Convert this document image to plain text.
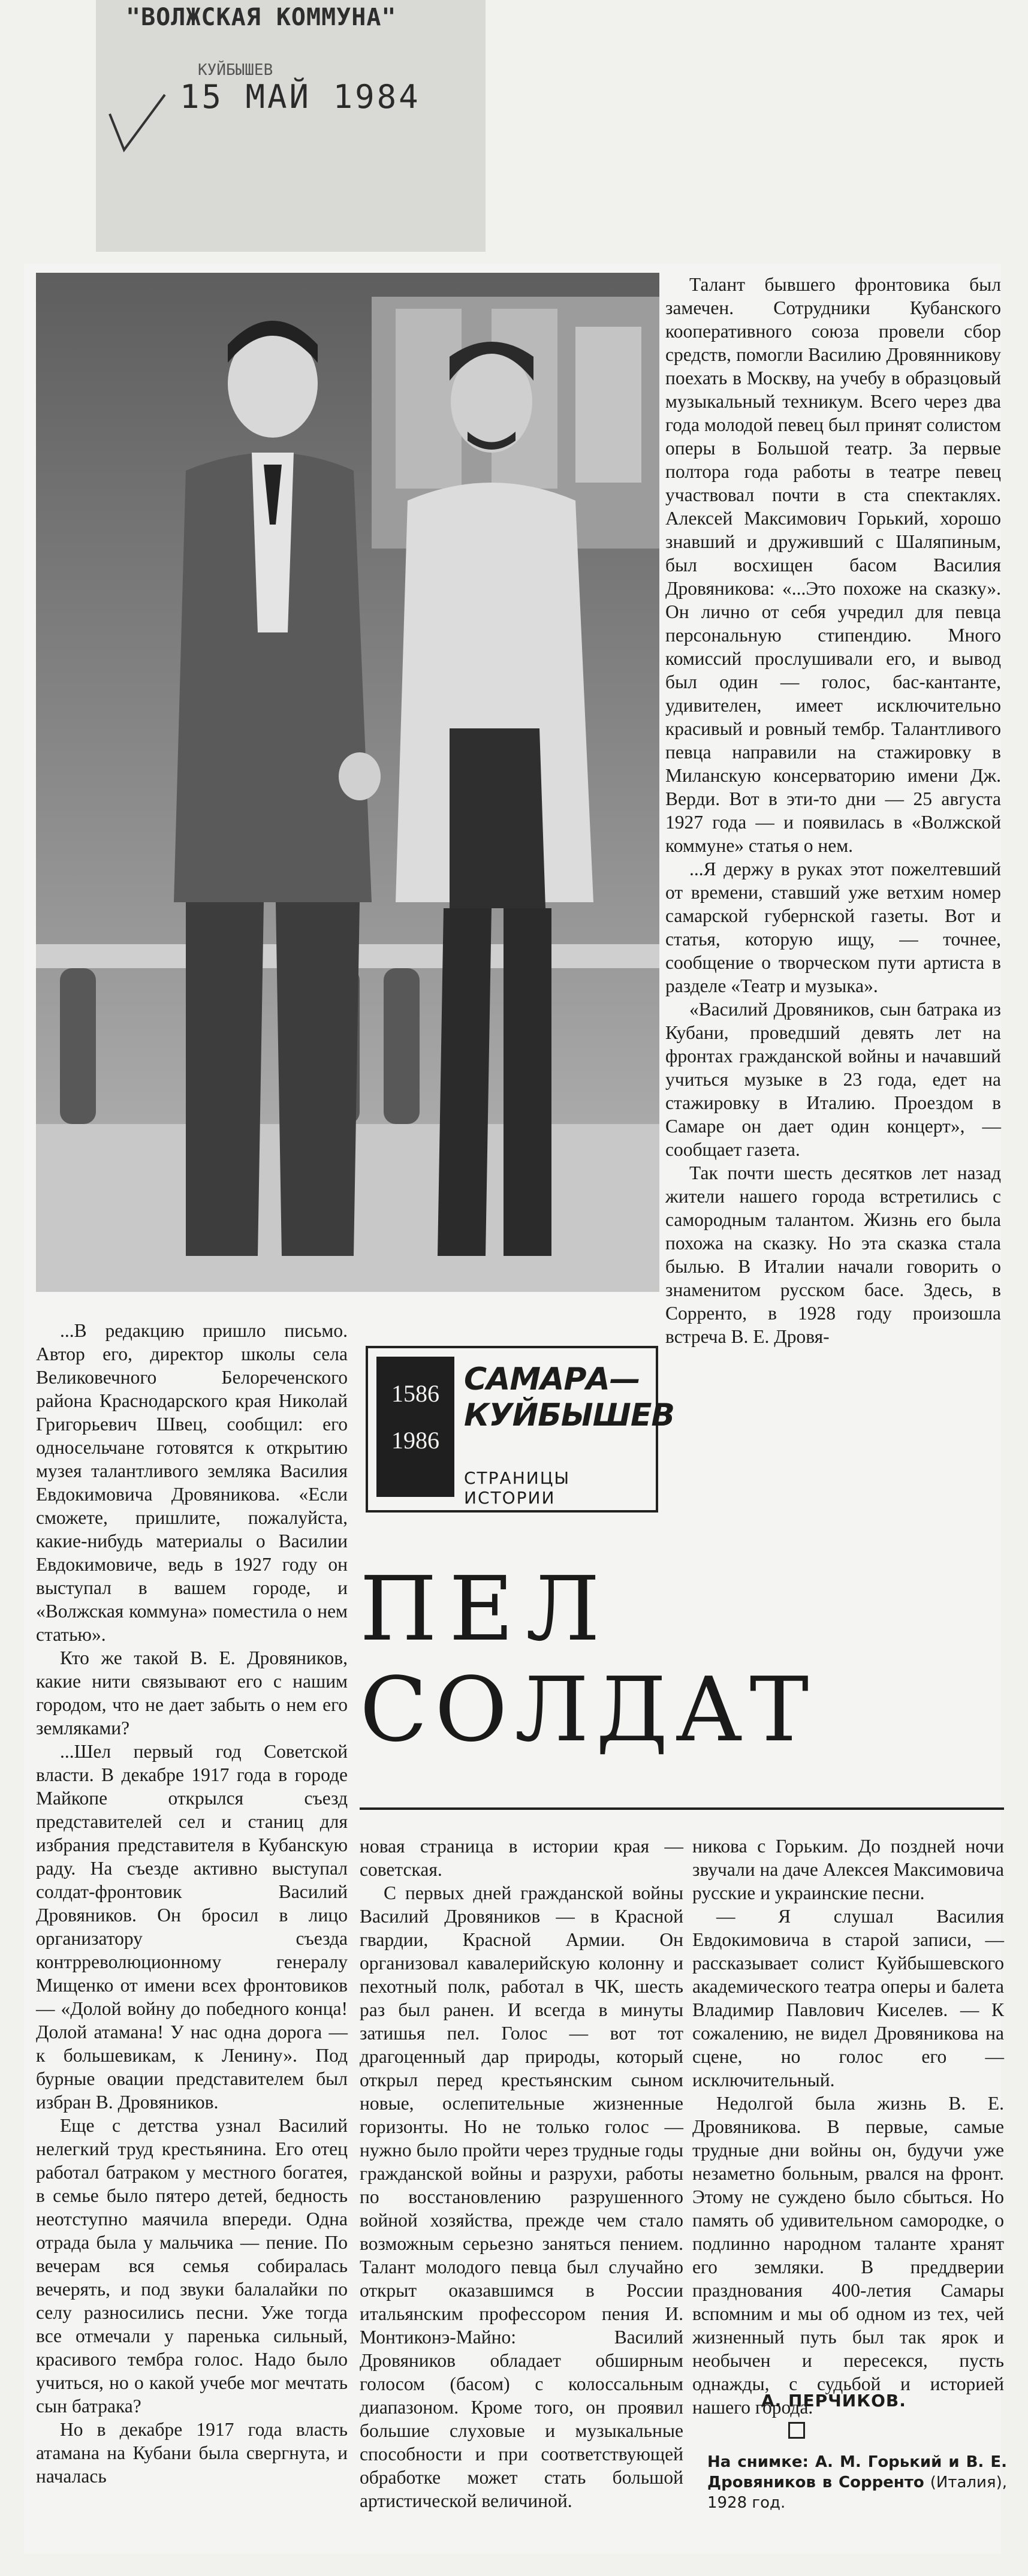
"ВОЛЖСКАЯ КОММУНА"
КУЙБЫШЕВ
15 МАЙ 1984

Талант бывшего фронтовика был замечен. Сотрудники Кубанского кооперативного союза провели сбор средств, помогли Василию Дровянникову поехать в Москву, на учебу в образцовый музыкальный техникум. Всего через два года молодой певец был принят солистом оперы в Большой театр. За первые полтора года работы в театре певец участвовал почти в ста спектаклях. Алексей Максимович Горький, хорошо знавший и друживший с Шаляпиным, был восхищен басом Василия Дровяникова: «...Это похоже на сказку». Он лично от себя учредил для певца персональную стипендию. Много комиссий прослушивали его, и вывод был один — голос, бас-кантанте, удивителен, имеет исключительно красивый и ровный тембр. Талантливого певца направили на стажировку в Миланскую консерваторию имени Дж. Верди. Вот в эти-то дни — 25 августа 1927 года — и появилась в «Волжской коммуне» статья о нем.

...Я держу в руках этот пожелтевший от времени, ставший уже ветхим номер самарской губернской газеты. Вот и статья, которую ищу, — точнее, сообщение о творческом пути артиста в разделе «Театр и музыка».

«Василий Дровяников, сын батрака из Кубани, проведший девять лет на фронтах гражданской войны и начавший учиться музыке в 23 года, едет на стажировку в Италию. Проездом в Самаре он дает один концерт», — сообщает газета.

Так почти шесть десятков лет назад жители нашего города встретились с самородным талантом. Жизнь его была похожа на сказку. Но эта сказка стала былью. В Италии начали говорить о знаменитом русском басе. Здесь, в Сорренто, в 1928 году произошла встреча В. Е. Дровя-

1586
1986
САМАРА—
КУЙБЫШЕВ
СТРАНИЦЫ ИСТОРИИ

...В редакцию пришло письмо. Автор его, директор школы села Великовечного Белореченского района Краснодарского края Николай Григорьевич Швец, сообщил: его односельчане готовятся к открытию музея талантливого земляка Василия Евдокимовича Дровяникова. «Если сможете, пришлите, пожалуйста, какие-нибудь материалы о Василии Евдокимовиче, ведь в 1927 году он выступал в вашем городе, и «Волжская коммуна» поместила о нем статью».

Кто же такой В. Е. Дровяников, какие нити связывают его с нашим городом, что не дает забыть о нем его земляками?

...Шел первый год Советской власти. В декабре 1917 года в городе Майкопе открылся съезд представителей сел и станиц для избрания представителя в Кубанскую раду. На съезде активно выступал солдат-фронтовик Василий Дровяников. Он бросил в лицо организатору съезда контрреволюционному генералу Мищенко от имени всех фронтовиков — «Долой войну до победного конца! Долой атамана! У нас одна дорога — к большевикам, к Ленину». Под бурные овации представителем был избран В. Дровяников.

Еще с детства узнал Василий нелегкий труд крестьянина. Его отец работал батраком у местного богатея, в семье было пятеро детей, бедность неотступно маячила впереди. Одна отрада была у мальчика — пение. По вечерам вся семья собиралась вечерять, и под звуки балалайки по селу разносились песни. Уже тогда все отмечали у паренька сильный, красивого тембра голос. Надо было учиться, но о какой учебе мог мечтать сын батрака?

Но в декабре 1917 года власть атамана на Кубани была свергнута, и началась

ПЕЛ
СОЛДАТ

новая страница в истории края — советская.

С первых дней гражданской войны Василий Дровяников — в Красной гвардии, Красной Армии. Он организовал кавалерийскую колонну и пехотный полк, работал в ЧК, шесть раз был ранен. И всегда в минуты затишья пел. Голос — вот тот драгоценный дар природы, который открыл перед крестьянским сыном новые, ослепительные жизненные горизонты. Но не только голос — нужно было пройти через трудные годы гражданской войны и разрухи, работы по восстановлению разрушенного войной хозяйства, прежде чем стало возможным серьезно заняться пением. Талант молодого певца был случайно открыт оказавшимся в России итальянским профессором пения И. Монтиконэ-Майно: Василий Дровяников обладает обширным голосом (басом) с колоссальным диапазоном. Кроме того, он проявил большие слуховые и музыкальные способности и при соответствующей обработке может стать большой артистической величиной.

никова с Горьким. До поздней ночи звучали на даче Алексея Максимовича русские и украинские песни.

— Я слушал Василия Евдокимовича в старой записи, — рассказывает солист Куйбышевского академического театра оперы и балета Владимир Павлович Киселев. — К сожалению, не видел Дровяникова на сцене, но голос его — исключительный.

Недолгой была жизнь В. Е. Дровяникова. В первые, самые трудные дни войны он, будучи уже незаметно больным, рвался на фронт. Этому не суждено было сбыться. Но память об удивительном самородке, о подлинно народном таланте хранят его земляки. В преддверии празднования 400-летия Самары вспомним и мы об одном из тех, чей жизненный путь был так ярок и необычен и пересекся, пусть однажды, с судьбой и историей нашего города.

А. ПЕРЧИКОВ.
На снимке: А. М. Горький и В. Е. Дровяников в Сорренто (Италия), 1928 год.
